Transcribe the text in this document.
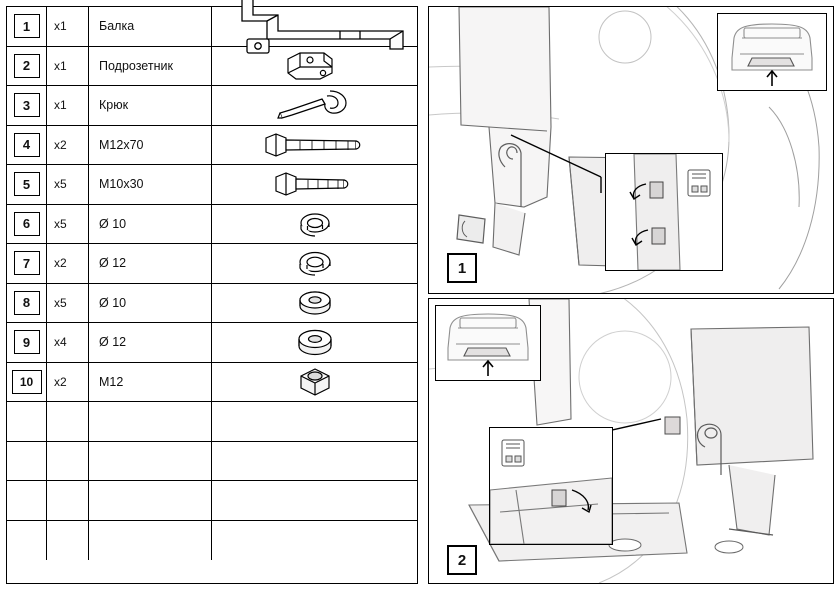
1	x1	Балка
2	x1	Подрозетник
3	x1	Крюк
4	x2	M12x70
5	x5	M10x30
6	x5	Ø 10
7	x2	Ø 12
8	x5	Ø 10
9	x4	Ø 12
10	x2	M12
1
2
